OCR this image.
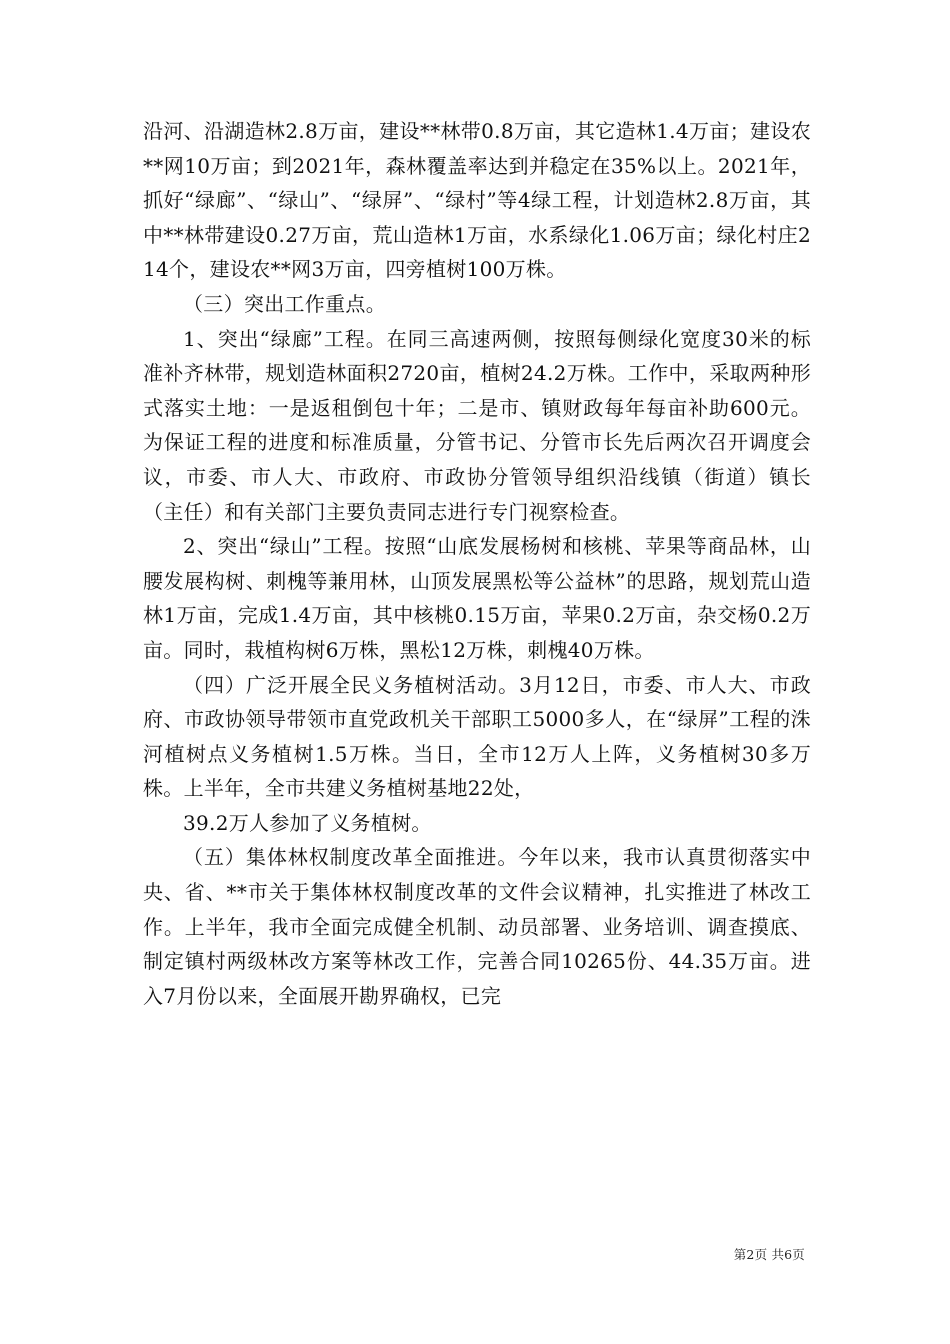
沿河、沿湖造林2.8万亩，建设**林带0.8万亩，其它造林1.4万亩；建设农**网10万亩；到2021年，森林覆盖率达到并稳定在35%以上。2021年，抓好“绿廊”、“绿山”、“绿屏”、“绿村”等4绿工程，计划造林2.8万亩，其中**林带建设0.27万亩，荒山造林1万亩，水系绿化1.06万亩；绿化村庄214个，建设农**网3万亩，四旁植树100万株。

（三）突出工作重点。

1、突出“绿廊”工程。在同三高速两侧，按照每侧绿化宽度30米的标准补齐林带，规划造林面积2720亩，植树24.2万株。工作中，采取两种形式落实土地：一是返租倒包十年；二是市、镇财政每年每亩补助600元。为保证工程的进度和标准质量，分管书记、分管市长先后两次召开调度会议，市委、市人大、市政府、市政协分管领导组织沿线镇（街道）镇长（主任）和有关部门主要负责同志进行专门视察检查。

2、突出“绿山”工程。按照“山底发展杨树和核桃、苹果等商品林，山腰发展构树、刺槐等兼用林，山顶发展黑松等公益林”的思路，规划荒山造林1万亩，完成1.4万亩，其中核桃0.15万亩，苹果0.2万亩，杂交杨0.2万亩。同时，栽植构树6万株，黑松12万株，刺槐40万株。

（四）广泛开展全民义务植树活动。3月12日，市委、市人大、市政府、市政协领导带领市直党政机关干部职工5000多人，在“绿屏”工程的洙河植树点义务植树1.5万株。当日，全市12万人上阵，义务植树30多万株。上半年，全市共建义务植树基地22处，

39.2万人参加了义务植树。

（五）集体林权制度改革全面推进。今年以来，我市认真贯彻落实中央、省、**市关于集体林权制度改革的文件会议精神，扎实推进了林改工作。上半年，我市全面完成健全机制、动员部署、业务培训、调查摸底、制定镇村两级林改方案等林改工作，完善合同10265份、44.35万亩。进入7月份以来，全面展开勘界确权，已完

第2页 共6页
